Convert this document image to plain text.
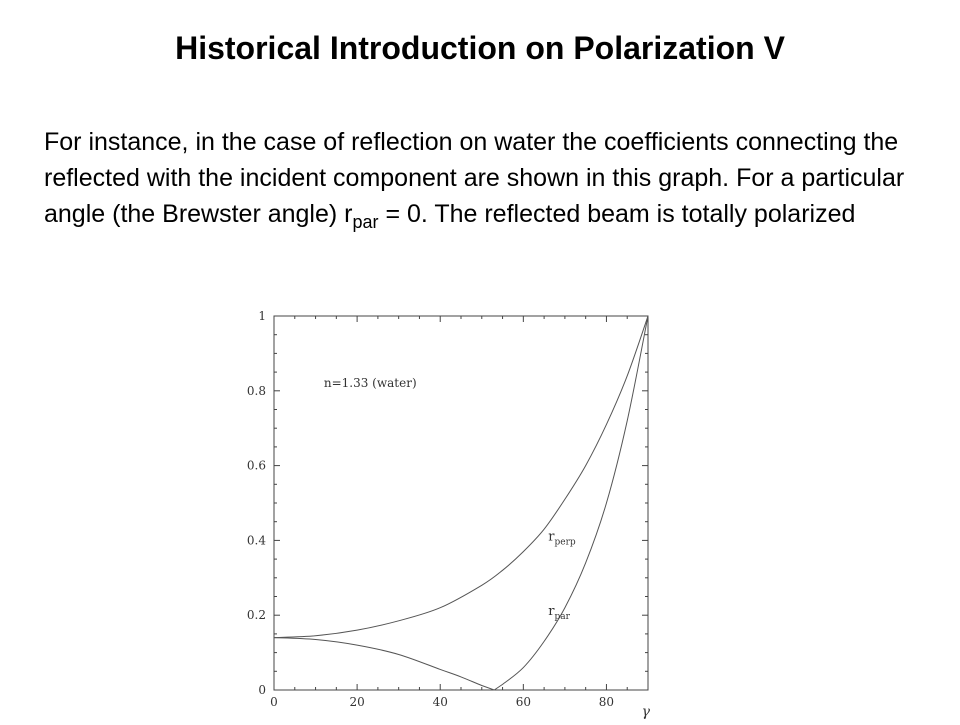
Historical Introduction on Polarization V

For instance, in the case of reflection on water the coefficients connecting the reflected with the incident component are shown in this graph. For a particular angle (the Brewster angle) $r_{par} = 0$. The reflected beam is totally polarized

0	20	40	60	80
0
0.2
0.4
0.6
0.8
1
γ
n=1.33 (water)
$r_{perp}$
$r_{par}$
